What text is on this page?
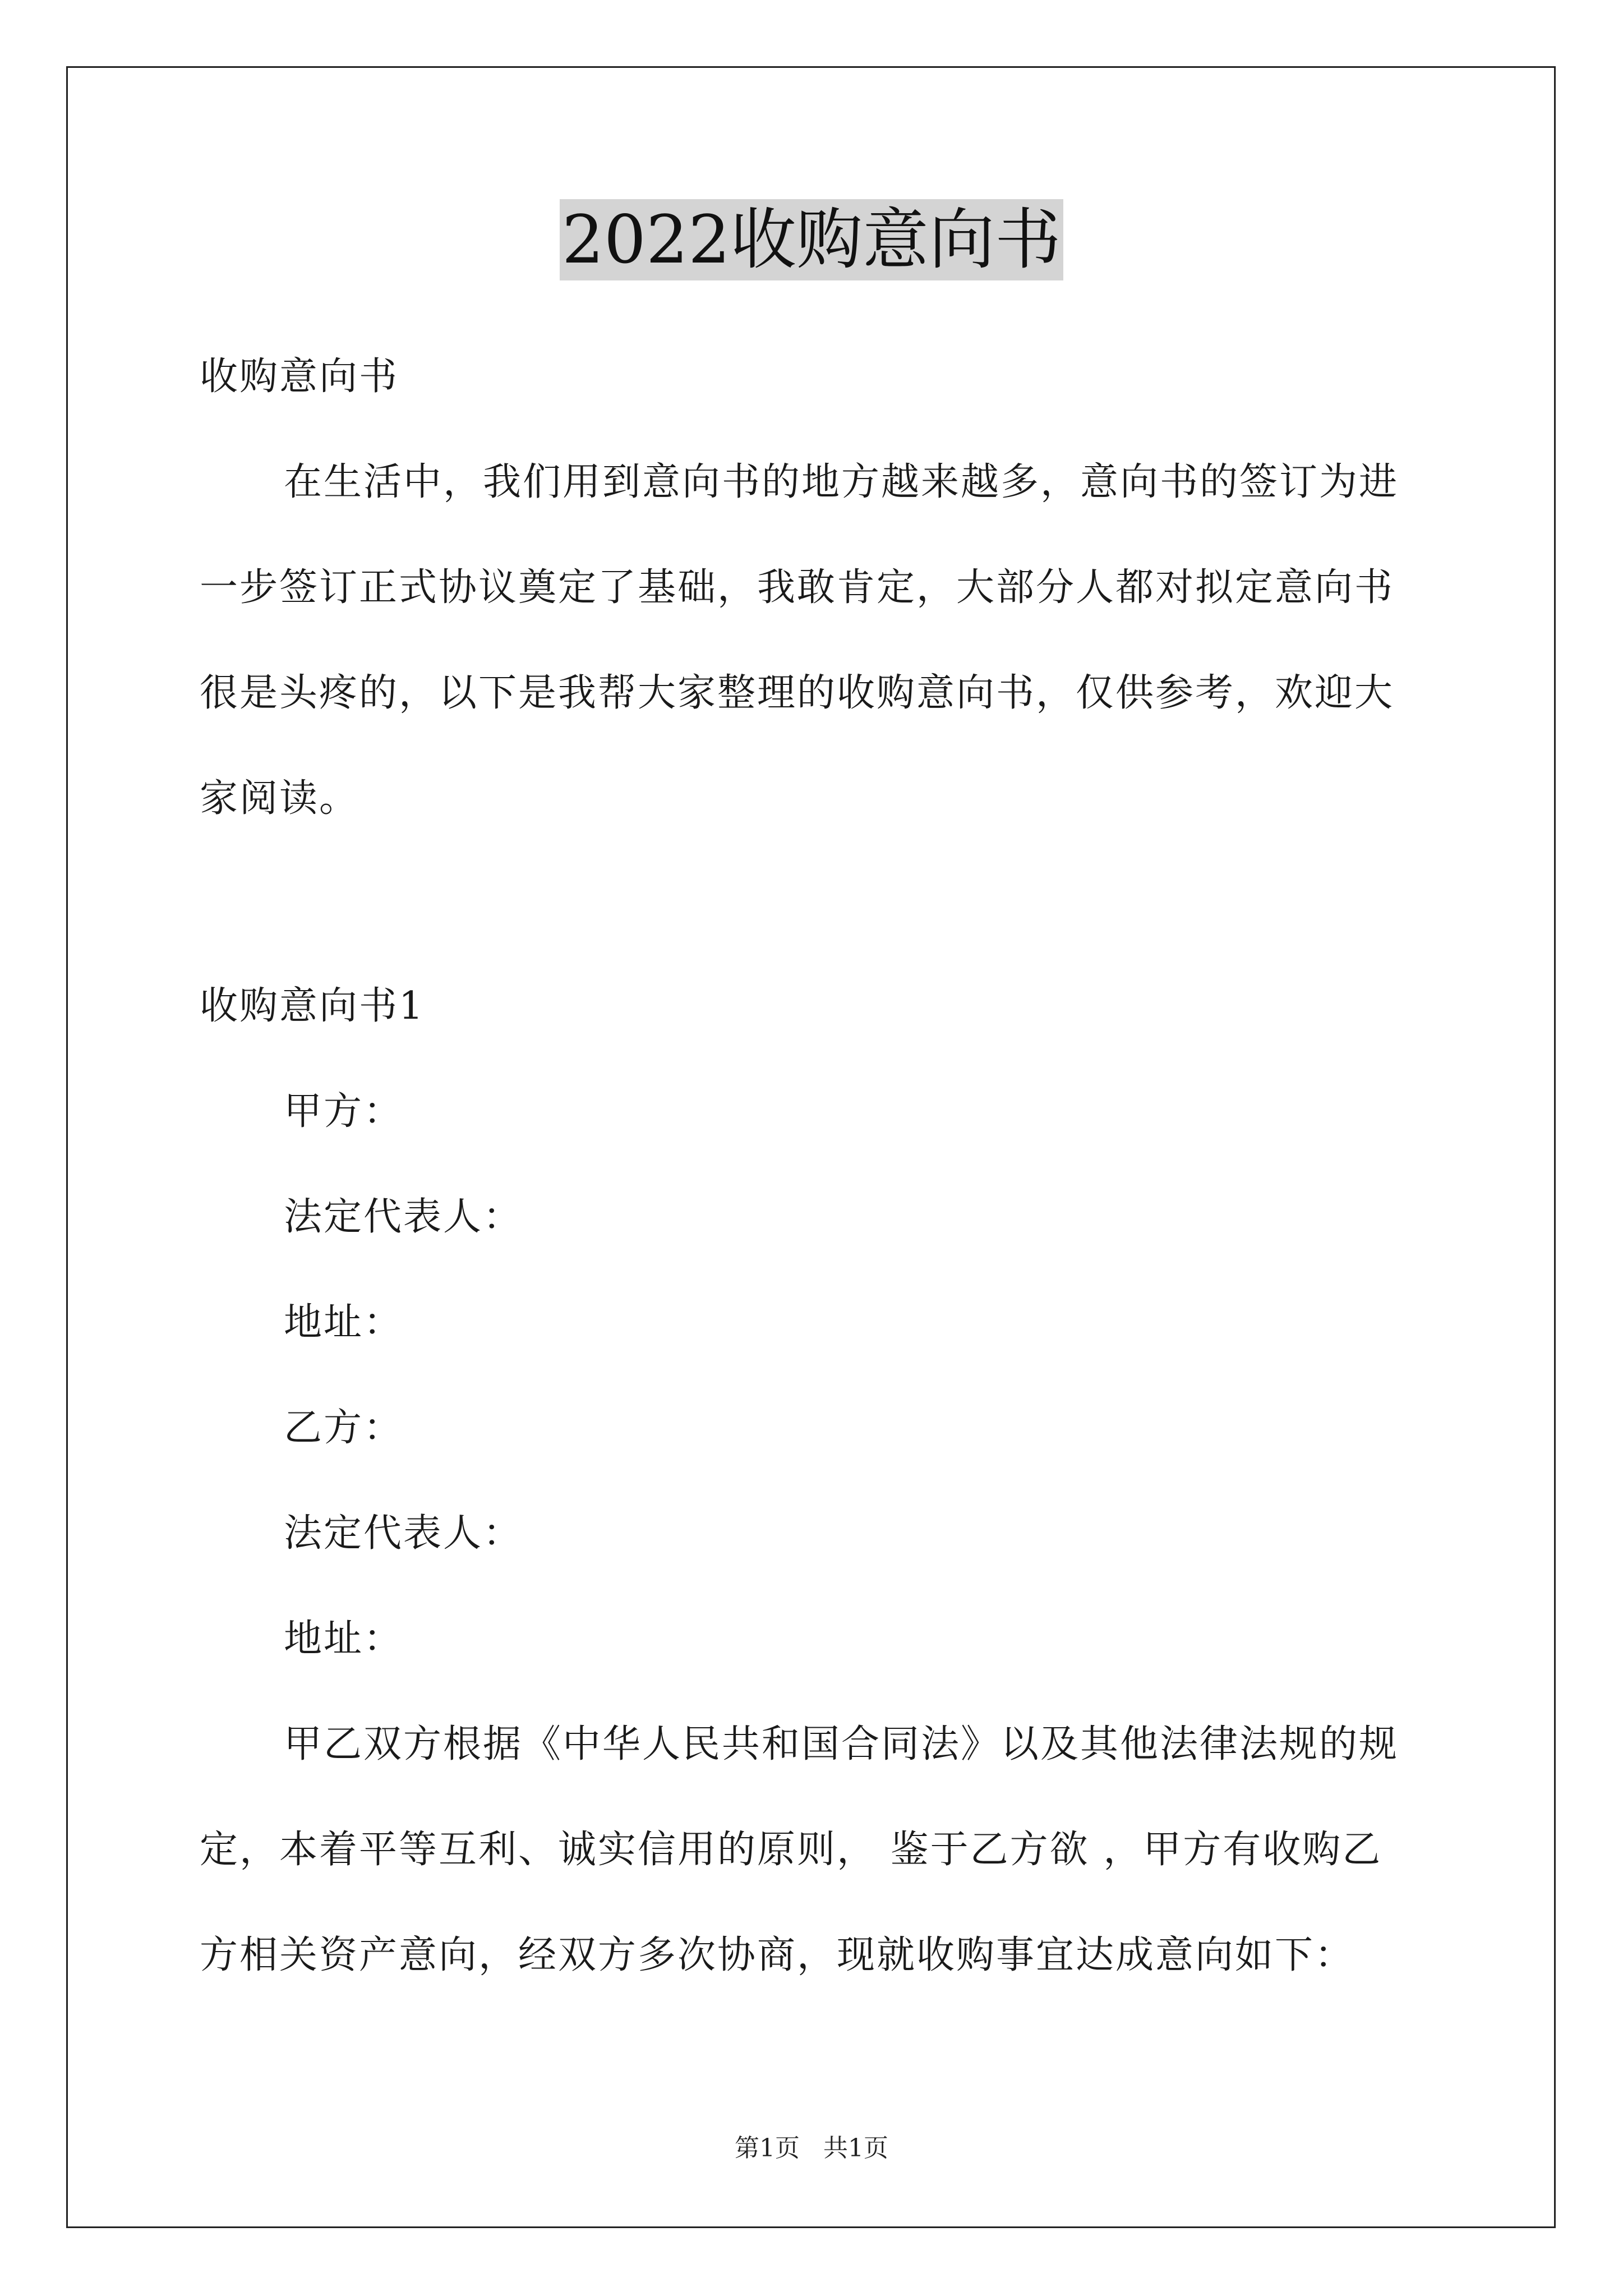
2022收购意向书
收购意向书
在生活中，我们用到意向书的地方越来越多，意向书的签订为进
一步签订正式协议奠定了基础，我敢肯定，大部分人都对拟定意向书
很是头疼的，以下是我帮大家整理的收购意向书，仅供参考，欢迎大
家阅读。
收购意向书1
甲方：
法定代表人：
地址：
乙方：
法定代表人：
地址：
甲乙双方根据《中华人民共和国合同法》以及其他法律法规的规
定，本着平等互利、诚实信用的原则， 鉴于乙方欲 ，甲方有收购乙
方相关资产意向，经双方多次协商，现就收购事宜达成意向如下：
第1页   共1页
